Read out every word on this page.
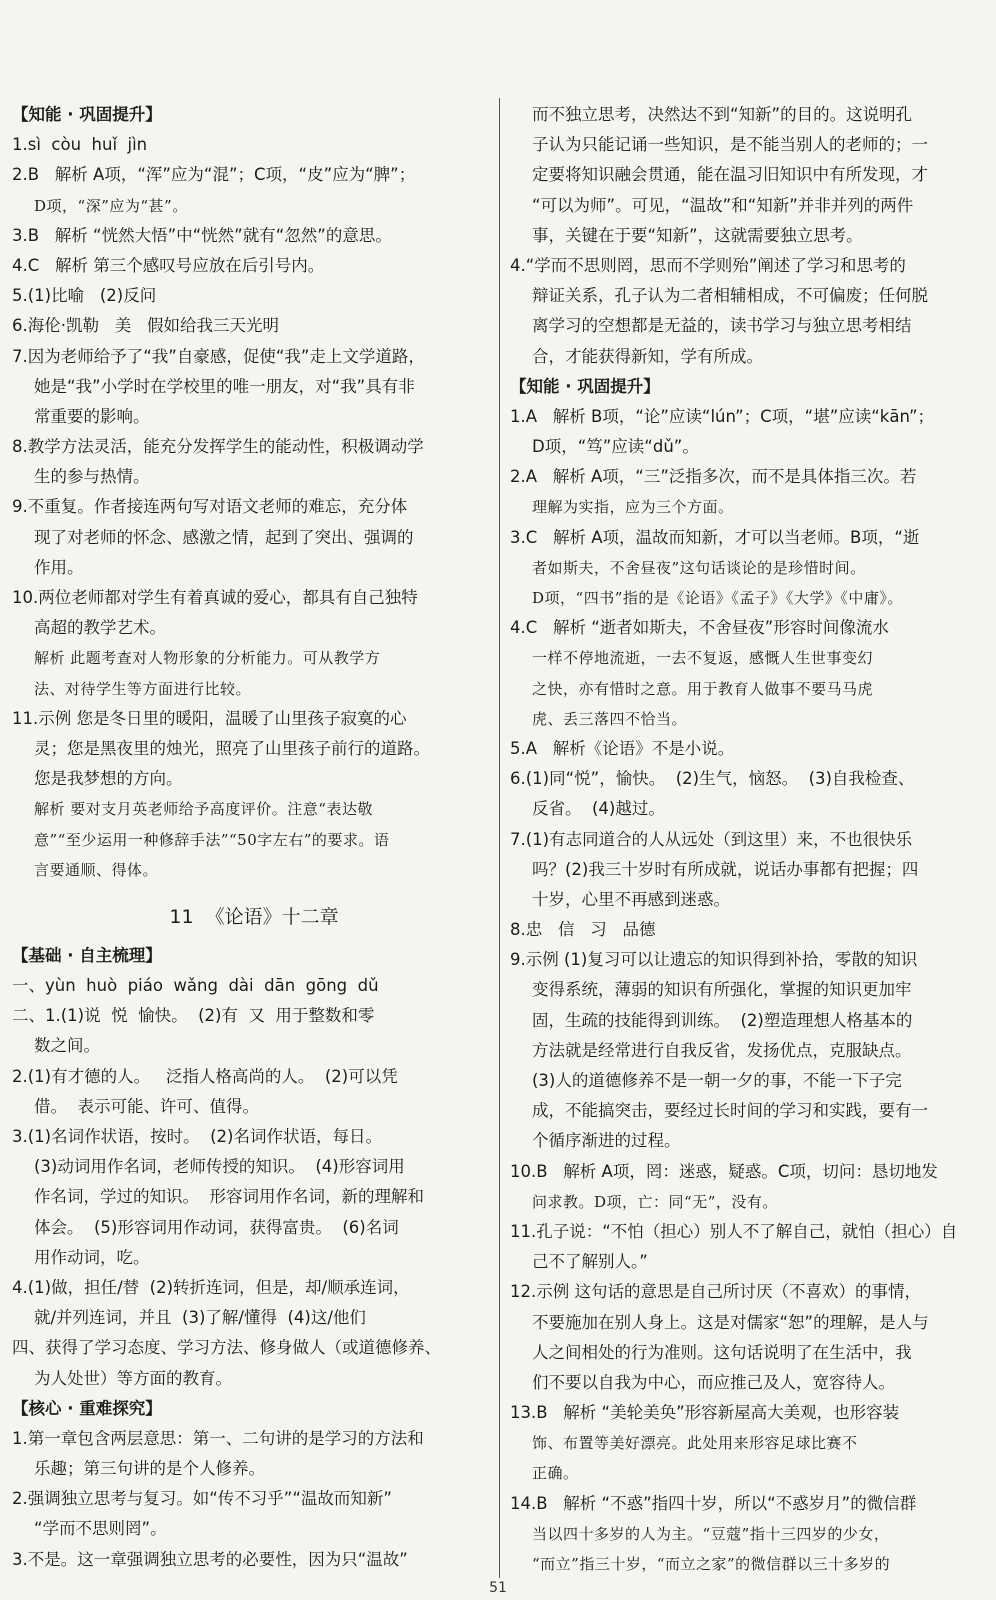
【知能 · 巩固提升】
1.sì  còu  huǐ  jìn
2.B   解析 A项，“浑”应为“混”；C项，“皮”应为“脾”；
D项，“深”应为“甚”。
3.B   解析 “恍然大悟”中“恍然”就有“忽然”的意思。
4.C   解析 第三个感叹号应放在后引号内。
5.(1)比喻   (2)反问
6.海伦·凯勒   美   假如给我三天光明
7.因为老师给予了“我”自豪感，促使“我”走上文学道路，
她是“我”小学时在学校里的唯一朋友，对“我”具有非
常重要的影响。
8.教学方法灵活，能充分发挥学生的能动性，积极调动学
生的参与热情。
9.不重复。作者接连两句写对语文老师的难忘，充分体
现了对老师的怀念、感激之情，起到了突出、强调的
作用。
10.两位老师都对学生有着真诚的爱心，都具有自己独特
高超的教学艺术。
解析 此题考查对人物形象的分析能力。可从教学方
法、对待学生等方面进行比较。
11.示例 您是冬日里的暖阳，温暖了山里孩子寂寞的心
灵；您是黑夜里的烛光，照亮了山里孩子前行的道路。
您是我梦想的方向。
解析 要对支月英老师给予高度评价。注意“表达敬
意”“至少运用一种修辞手法”“50字左右”的要求。语
言要通顺、得体。
11  《论语》十二章
【基础 · 自主梳理】
一、yùn  huò  piáo  wǎng  dài  dān  gōng  dǔ
二、1.(1)说  悦  愉快。  (2)有  又  用于整数和零
数之间。
2.(1)有才德的人。   泛指人格高尚的人。  (2)可以凭
借。  表示可能、许可、值得。
3.(1)名词作状语，按时。  (2)名词作状语，每日。
(3)动词用作名词，老师传授的知识。  (4)形容词用
作名词，学过的知识。  形容词用作名词，新的理解和
体会。  (5)形容词用作动词，获得富贵。  (6)名词
用作动词，吃。
4.(1)做，担任/替  (2)转折连词，但是，却/顺承连词，
就/并列连词，并且  (3)了解/懂得  (4)这/他们
四、获得了学习态度、学习方法、修身做人（或道德修养、
为人处世）等方面的教育。
【核心 · 重难探究】
1.第一章包含两层意思：第一、二句讲的是学习的方法和
乐趣；第三句讲的是个人修养。
2.强调独立思考与复习。如“传不习乎”“温故而知新”
“学而不思则罔”。
3.不是。这一章强调独立思考的必要性，因为只“温故”
而不独立思考，决然达不到“知新”的目的。这说明孔
子认为只能记诵一些知识，是不能当别人的老师的；一
定要将知识融会贯通，能在温习旧知识中有所发现，才
“可以为师”。可见，“温故”和“知新”并非并列的两件
事，关键在于要“知新”，这就需要独立思考。
4.“学而不思则罔，思而不学则殆”阐述了学习和思考的
辩证关系，孔子认为二者相辅相成，不可偏废；任何脱
离学习的空想都是无益的，读书学习与独立思考相结
合，才能获得新知，学有所成。
【知能 · 巩固提升】
1.A   解析 B项，“论”应读“lún”；C项，“堪”应读“kān”；
D项，“笃”应读“dǔ”。
2.A   解析 A项，“三”泛指多次，而不是具体指三次。若
理解为实指，应为三个方面。
3.C   解析 A项，温故而知新，才可以当老师。B项，“逝
者如斯夫，不舍昼夜”这句话谈论的是珍惜时间。
D项，“四书”指的是《论语》《孟子》《大学》《中庸》。
4.C   解析 “逝者如斯夫，不舍昼夜”形容时间像流水
一样不停地流逝，一去不复返，感慨人生世事变幻
之快，亦有惜时之意。用于教育人做事不要马马虎
虎、丢三落四不恰当。
5.A   解析《论语》不是小说。
6.(1)同“悦”，愉快。  (2)生气，恼怒。  (3)自我检查、
反省。  (4)越过。
7.(1)有志同道合的人从远处（到这里）来，不也很快乐
吗？(2)我三十岁时有所成就，说话办事都有把握；四
十岁，心里不再感到迷惑。
8.忠   信   习   品德
9.示例 (1)复习可以让遗忘的知识得到补拾，零散的知识
变得系统，薄弱的知识有所强化，掌握的知识更加牢
固，生疏的技能得到训练。  (2)塑造理想人格基本的
方法就是经常进行自我反省，发扬优点，克服缺点。
(3)人的道德修养不是一朝一夕的事，不能一下子完
成，不能搞突击，要经过长时间的学习和实践，要有一
个循序渐进的过程。
10.B   解析 A项，罔：迷惑，疑惑。C项，切问：恳切地发
问求教。D项，亡：同“无”，没有。
11.孔子说：“不怕（担心）别人不了解自己，就怕（担心）自
己不了解别人。”
12.示例 这句话的意思是自己所讨厌（不喜欢）的事情，
不要施加在别人身上。这是对儒家“恕”的理解，是人与
人之间相处的行为准则。这句话说明了在生活中，我
们不要以自我为中心，而应推己及人，宽容待人。
13.B   解析 “美轮美奂”形容新屋高大美观，也形容装
饰、布置等美好漂亮。此处用来形容足球比赛不
正确。
14.B   解析 “不惑”指四十岁，所以“不惑岁月”的微信群
当以四十多岁的人为主。“豆蔻”指十三四岁的少女，
“而立”指三十岁，“而立之家”的微信群以三十多岁的
51
